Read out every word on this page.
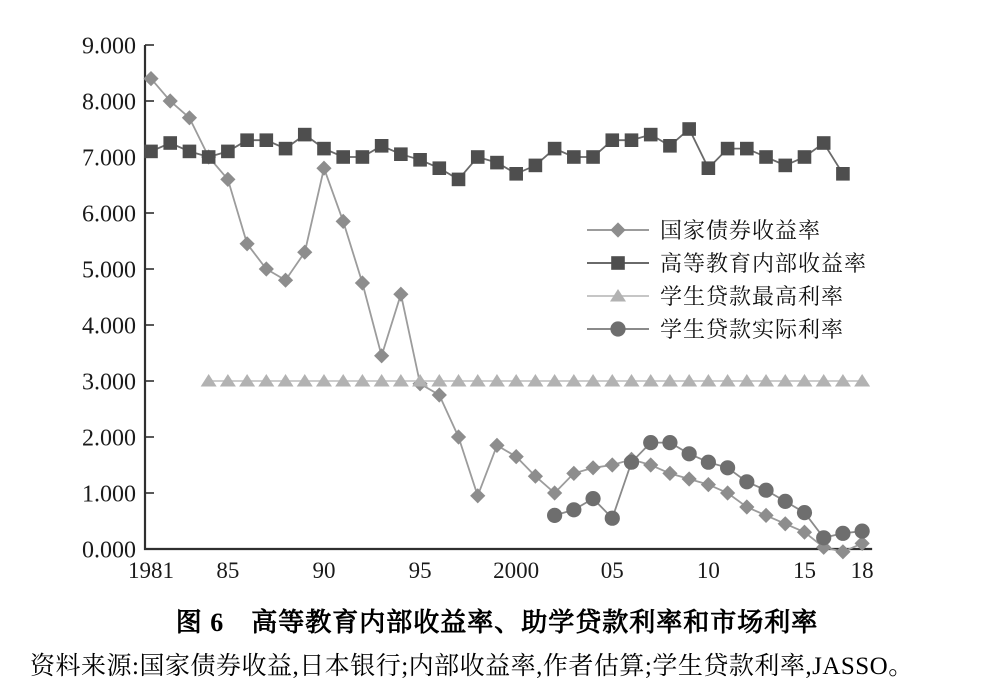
9.000
8.000
7.000
6.000
5.000
4.000
3.000
2.000
1.000
0.000
1981 85	90	95	2000	05	10	15 18
国家债券收益率
高等教育内部收益率
学生贷款最高利率
学生贷款实际利率
图 6　高等教育内部收益率、助学贷款利率和市场利率
资料来源:国家债券收益,日本银行;内部收益率,作者估算;学生贷款利率,JASSO。
